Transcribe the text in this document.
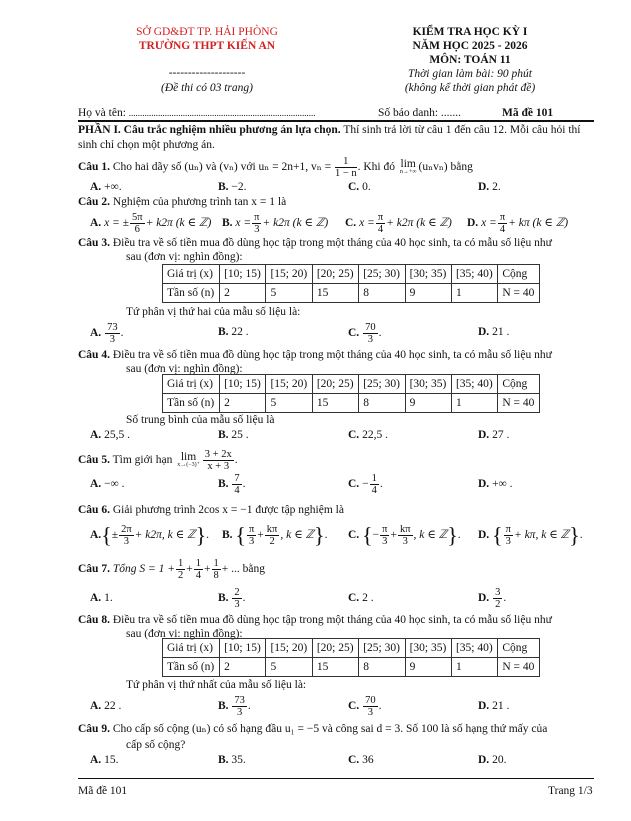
SỞ GD&ĐT TP. HẢI PHÒNG
TRƯỜNG THPT KIẾN AN
--------------------
(Đề thi có 03 trang)
KIỂM TRA HỌC KỲ I
NĂM HỌC 2025 - 2026
MÔN: TOÁN 11
Thời gian làm bài: 90 phút
(không kể thời gian phát đề)
Họ và tên: ...................................................................................	Số báo danh: .......	Mã đề 101
PHẦN I. Câu trắc nghiệm nhiều phương án lựa chọn. Thí sinh trả lời từ câu 1 đến câu 12. Mỗi câu hỏi thí sinh chỉ chọn một phương án.
Câu 1. Cho hai dãy số (uₙ) và (vₙ) với uₙ = 2n+1, $v_n = \frac{1}{1 - n}$ . Khi đó lim
n→+∞ (uₙvₙ) bằng
A. +∞.	B. −2.	C. 0.	D. 2.
Câu 2. Nghiệm của phương trình tan x = 1 là
A. x = ± $\frac{5\pi}{6} + k2\pi$ (k ∈ ℤ) B. $x = \frac{\pi}{3} + k2\pi$ (k ∈ ℤ) C. $x = \frac{\pi}{4} + k2\pi$ (k ∈ ℤ) D. $x = \frac{\pi}{4} + k\pi$ (k ∈ ℤ)
Câu 3. Điều tra về số tiền mua đồ dùng học tập trong một tháng của 40 học sinh, ta có mẫu số liệu như
sau (đơn vị: nghìn đồng):
Giá trị (x)	[10; 15)	[15; 20)	[20; 25)	[25; 30)	[30; 35)	[35; 40)	Cộng
Tần số (n)	2	5	15	8	9	1	N = 40
Tứ phân vị thứ hai của mẫu số liệu là:
A. $\frac{73}{3}$ .	B. 22 .	C. $\frac{70}{3}$ .	D. 21 .
Câu 4. Điều tra về số tiền mua đồ dùng học tập trong một tháng của 40 học sinh, ta có mẫu số liệu như
sau (đơn vị: nghìn đồng):
Giá trị (x)	[10; 15)	[15; 20)	[20; 25)	[25; 30)	[30; 35)	[35; 40)	Cộng
Tần số (n)	2	5	15	8	9	1	N = 40
Số trung bình của mẫu số liệu là
A. 25,5 .	B. 25 .	C. 22,5 .	D. 27 .
Câu 5. Tìm giới hạn lim
$x\to(-3)^+ \frac{3 + 2x}{x + 3}$ .
A. −∞ .	B. $\frac{7}{4}$ .	C. − $\frac{1}{4}$ .	D. +∞ .
Câu 6. Giải phương trình 2cos x = −1 được tập nghiệm là
$A.\{\pm \frac{2\pi}{3} + k2\pi$, k ∈ ℤ}. B. { $\frac{\pi}{3} + \frac{k\pi}{2}$ , k ∈ ℤ}. C. {− $\frac{\pi}{3} + \frac{k\pi}{3}$ , k ∈ ℤ}. D. { $\frac{\pi}{3} + k\pi$, k ∈ ℤ}.
Câu 7. Tổng $S = 1 + \frac{1}{2} + \frac{1}{4} + \frac{1}{8}$ + ... bằng
A. 1.	B. $\frac{2}{3}$ .	C. 2 .	D. $\frac{3}{2}$ .
Câu 8. Điều tra về số tiền mua đồ dùng học tập trong một tháng của 40 học sinh, ta có mẫu số liệu như
sau (đơn vị: nghìn đồng):
Giá trị (x)	[10; 15)	[15; 20)	[20; 25)	[25; 30)	[30; 35)	[35; 40)	Cộng
Tần số (n)	2	5	15	8	9	1	N = 40
Tứ phân vị thứ nhất của mẫu số liệu là:
A. 22 .	B. $\frac{73}{3}$ .	C. $\frac{70}{3}$ .	D. 21 .
Câu 9. Cho cấp số cộng (uₙ) có số hạng đầu u₁ = −5 và công sai d = 3. Số 100 là số hạng thứ mấy của
cấp số cộng?
A. 15.	B. 35.	C. 36	D. 20.
Mã đề 101	Trang 1/3
